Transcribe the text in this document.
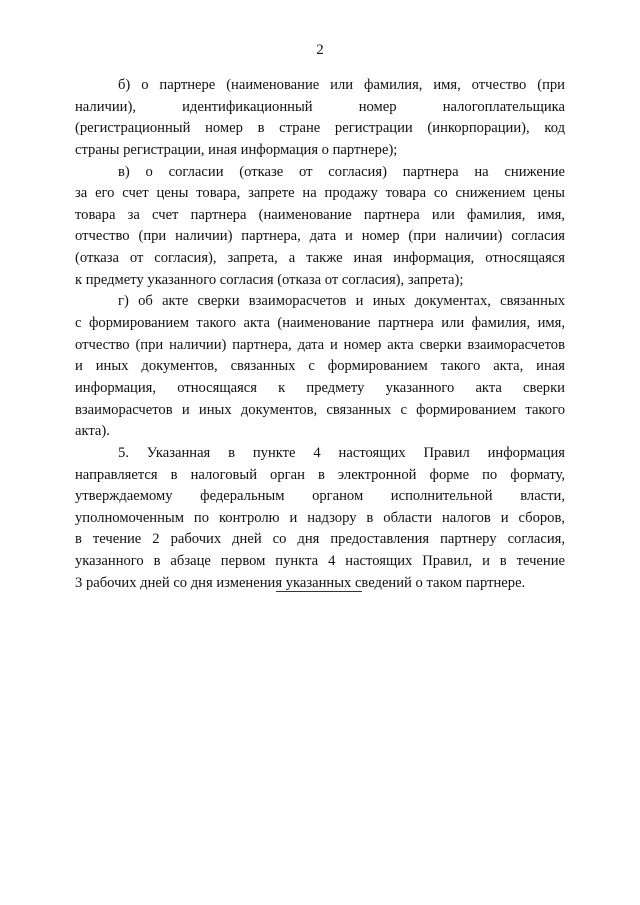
2
б) о партнере (наименование или фамилия, имя, отчество (при
наличии), идентификационный номер налогоплательщика
(регистрационный номер в стране регистрации (инкорпорации), код
страны регистрации, иная информация о партнере);
в) о согласии (отказе от согласия) партнера на снижение
за его счет цены товара, запрете на продажу товара со снижением цены
товара за счет партнера (наименование партнера или фамилия, имя,
отчество (при наличии) партнера, дата и номер (при наличии) согласия
(отказа от согласия), запрета, а также иная информация, относящаяся
к предмету указанного согласия (отказа от согласия), запрета);
г) об акте сверки взаиморасчетов и иных документах, связанных
с формированием такого акта (наименование партнера или фамилия, имя,
отчество (при наличии) партнера, дата и номер акта сверки взаиморасчетов
и иных документов, связанных с формированием такого акта, иная
информация, относящаяся к предмету указанного акта сверки
взаиморасчетов и иных документов, связанных с формированием такого
акта).
5. Указанная в пункте 4 настоящих Правил информация
направляется в налоговый орган в электронной форме по формату,
утверждаемому федеральным органом исполнительной власти,
уполномоченным по контролю и надзору в области налогов и сборов,
в течение 2 рабочих дней со дня предоставления партнеру согласия,
указанного в абзаце первом пункта 4 настоящих Правил, и в течение
3 рабочих дней со дня изменения указанных сведений о таком партнере.
